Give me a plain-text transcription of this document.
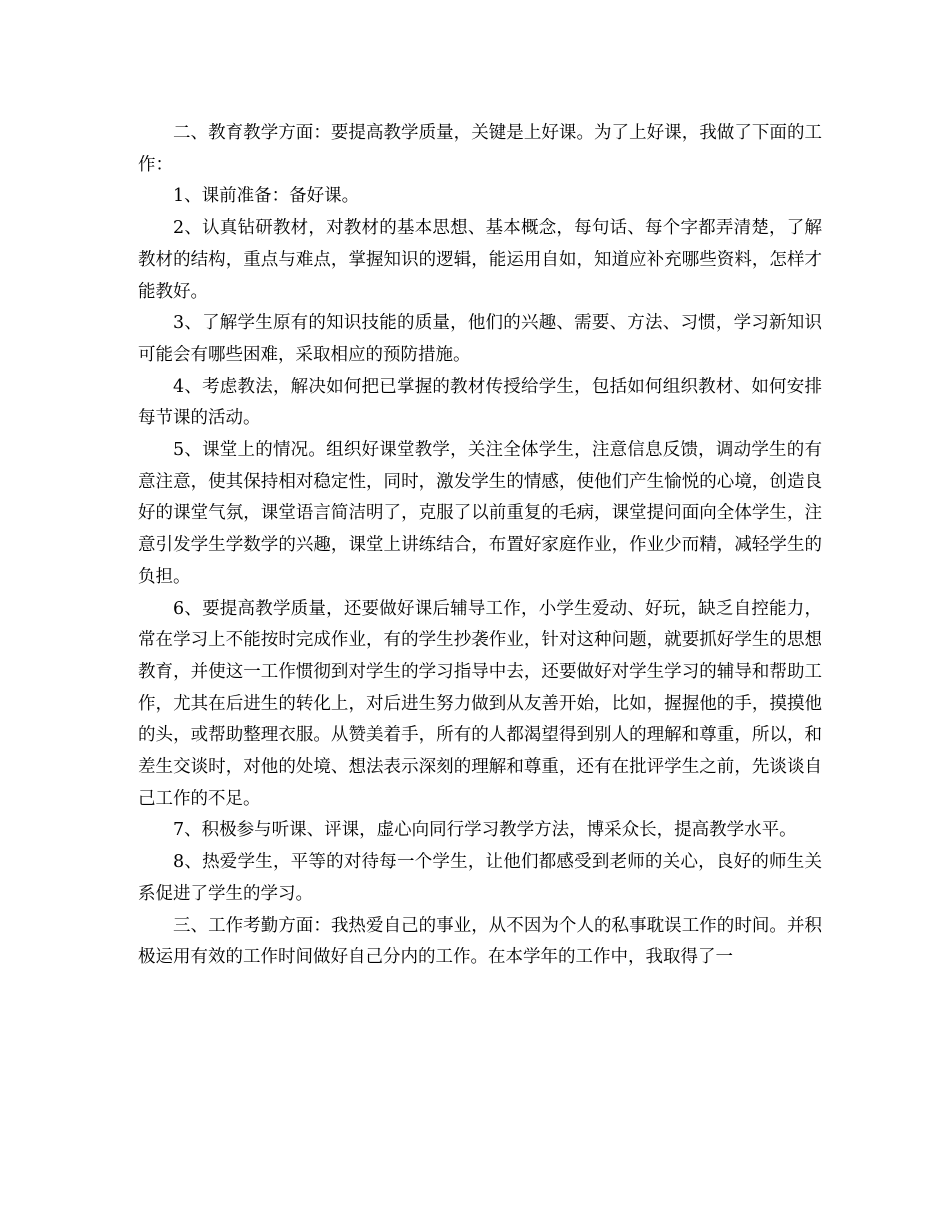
二、教育教学方面：要提高教学质量，关键是上好课。为了上好课，我做了下面的工作：

1、课前准备：备好课。

2、认真钻研教材，对教材的基本思想、基本概念，每句话、每个字都弄清楚，了解教材的结构，重点与难点，掌握知识的逻辑，能运用自如，知道应补充哪些资料，怎样才能教好。

3、了解学生原有的知识技能的质量，他们的兴趣、需要、方法、习惯，学习新知识可能会有哪些困难，采取相应的预防措施。

4、考虑教法，解决如何把已掌握的教材传授给学生，包括如何组织教材、如何安排每节课的活动。

5、课堂上的情况。组织好课堂教学，关注全体学生，注意信息反馈，调动学生的有意注意，使其保持相对稳定性，同时，激发学生的情感，使他们产生愉悦的心境，创造良好的课堂气氛，课堂语言简洁明了，克服了以前重复的毛病，课堂提问面向全体学生，注意引发学生学数学的兴趣，课堂上讲练结合，布置好家庭作业，作业少而精，减轻学生的负担。

6、要提高教学质量，还要做好课后辅导工作，小学生爱动、好玩，缺乏自控能力，常在学习上不能按时完成作业，有的学生抄袭作业，针对这种问题，就要抓好学生的思想教育，并使这一工作惯彻到对学生的学习指导中去，还要做好对学生学习的辅导和帮助工作，尤其在后进生的转化上，对后进生努力做到从友善开始，比如，握握他的手，摸摸他的头，或帮助整理衣服。从赞美着手，所有的人都渴望得到别人的理解和尊重，所以，和差生交谈时，对他的处境、想法表示深刻的理解和尊重，还有在批评学生之前，先谈谈自己工作的不足。

7、积极参与听课、评课，虚心向同行学习教学方法，博采众长，提高教学水平。

8、热爱学生，平等的对待每一个学生，让他们都感受到老师的关心，良好的师生关系促进了学生的学习。

三、工作考勤方面：我热爱自己的事业，从不因为个人的私事耽误工作的时间。并积极运用有效的工作时间做好自己分内的工作。在本学年的工作中，我取得了一
